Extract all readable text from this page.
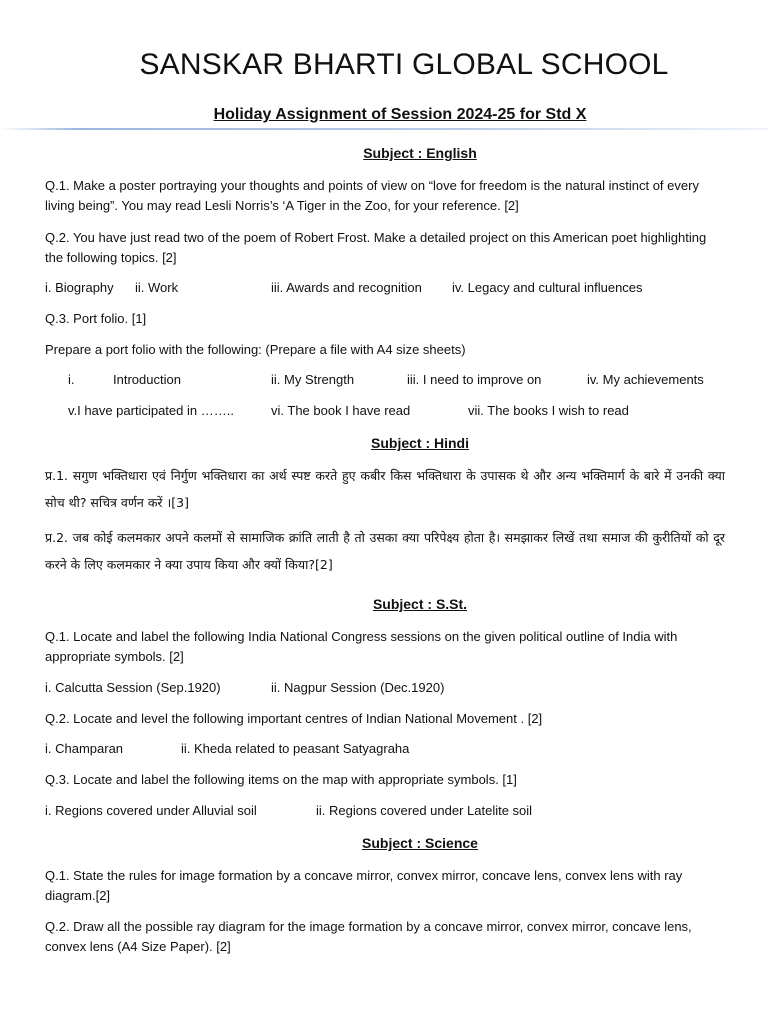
SANSKAR BHARTI GLOBAL SCHOOL
Holiday Assignment of Session 2024-25 for Std X
Subject : English
Q.1. Make a poster portraying your thoughts and points of view on “love for freedom is the natural instinct of every living being”. You may read Lesli Norris’s ‘A Tiger in the Zoo, for your reference. [2]
Q.2. You have just read two of the poem of Robert Frost. Make a detailed project on this American poet highlighting the following topics. [2]
i. Biography ii. Work	iii. Awards and recognition iv. Legacy and cultural influences
Q.3. Port folio. [1]
Prepare a port folio with the following: (Prepare a file with A4 size sheets)
i.	Introduction	ii. My Strength	iii. I need to improve on	iv. My achievements
v.I have participated in ……..	vi. The book I have read	vii. The books I wish to read
Subject : Hindi
प्र.1. सगुण भक्तिधारा एवं निर्गुण भक्तिधारा का अर्थ स्पष्ट करते हुए कबीर किस भक्तिधारा के उपासक थे और अन्य भक्तिमार्ग के बारे में उनकी क्या सोच थी? सचित्र वर्णन करें ।[3]
प्र.2. जब कोई कलमकार अपने कलमों से सामाजिक क्रांति लाती है तो उसका क्या परिपेक्ष्य होता है। समझाकर लिखें तथा समाज की कुरीतियों को दूर करने के लिए कलमकार ने क्या उपाय किया और क्यों किया?[2]
Subject : S.St.
Q.1. Locate and label the following India National Congress sessions on the given political outline of India with appropriate symbols. [2]
i. Calcutta Session (Sep.1920)	ii. Nagpur Session (Dec.1920)
Q.2. Locate and level the following important centres of Indian National Movement . [2]
i. Champaran	ii. Kheda related to peasant Satyagraha
Q.3. Locate and label the following items on the map with appropriate symbols. [1]
i. Regions covered under Alluvial soil	ii. Regions covered under Latelite soil
Subject : Science
Q.1. State the rules for image formation by a concave mirror, convex mirror, concave lens, convex lens with ray diagram.[2]
Q.2. Draw all the possible ray diagram for the image formation by a concave mirror, convex mirror, concave lens, convex lens (A4 Size Paper). [2]
